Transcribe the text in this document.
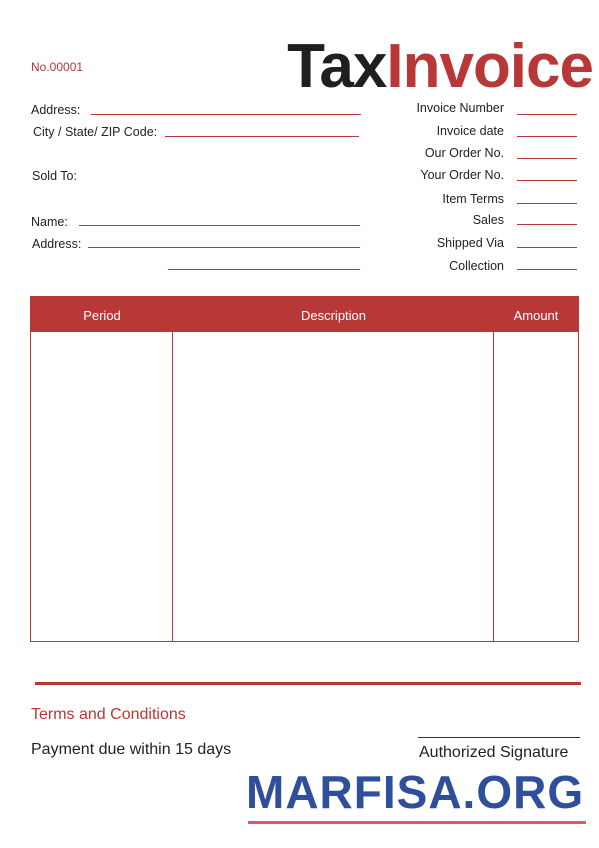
No.00001	TaxInvoice
Address:
City / State/ ZIP Code:
Sold To:
Name:
Address:
Invoice Number
Invoice date
Our Order No.
Your Order No.
Item Terms
Sales
Shipped Via
Collection
Period	Description	Amount
Terms and Conditions
Payment due within 15 days	Authorized Signature
MARFISA.ORG
